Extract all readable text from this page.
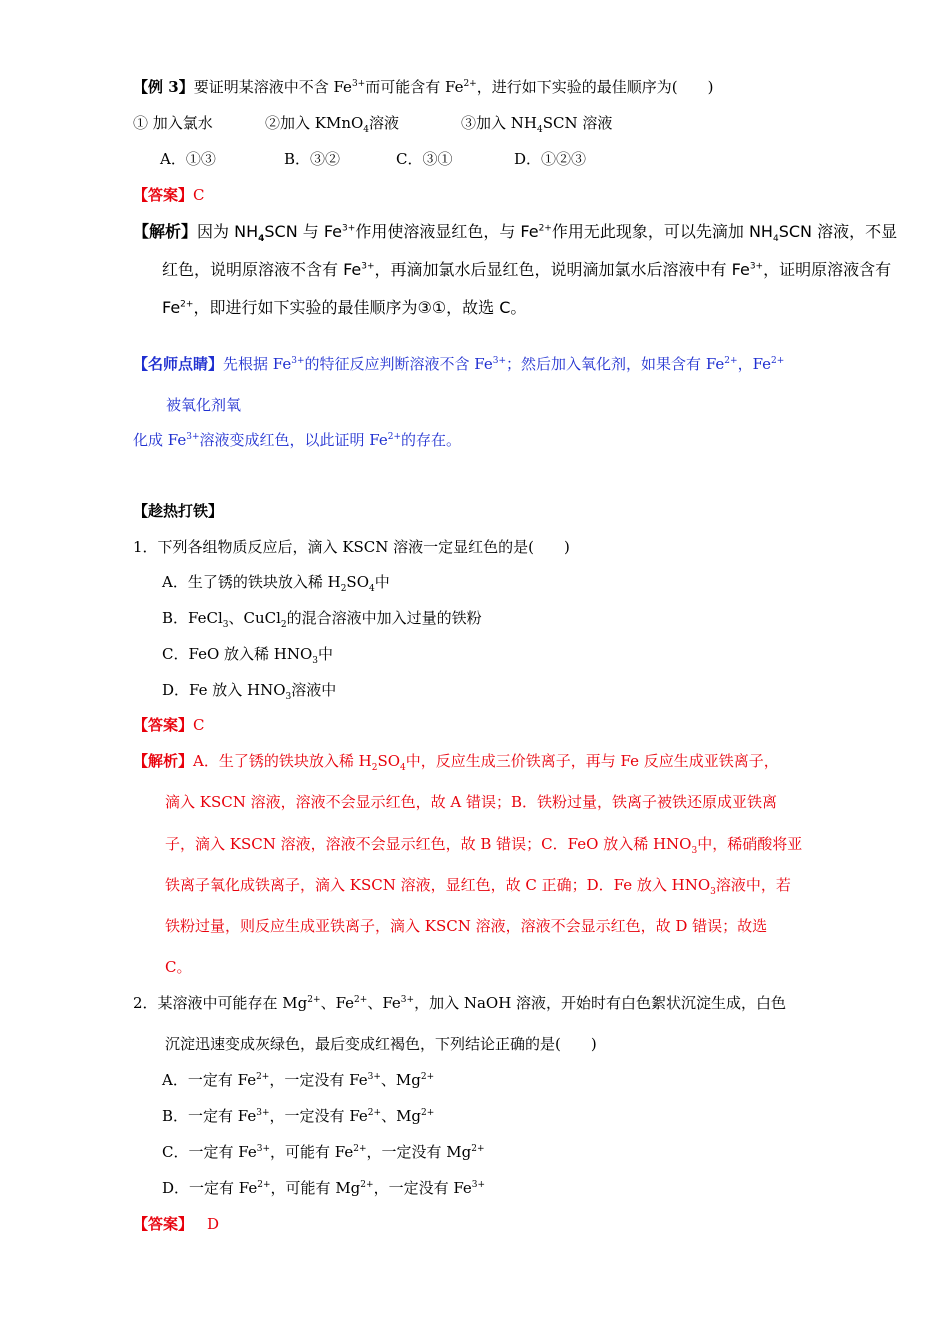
【例 3】要证明某溶液中不含 $Fe^{3+}$而可能含有 $Fe^{2+}$，进行如下实验的最佳顺序为(　　)
① 加入氯水	②加入 KMnO$_4$溶液	③加入 $NH_4SCN$ 溶液
A．①③	B．③②	C．③①	D．①②③
【答案】C
【解析】因为 $NH_4SCN$ 与 $Fe^{3+}$作用使溶液显红色，与 $Fe^{2+}$作用无此现象，可以先滴加 $NH_4SCN$ 溶液，不显
红色，说明原溶液不含有 $Fe^{3+}$，再滴加氯水后显红色，说明滴加氯水后溶液中有 $Fe^{3+}$，证明原溶液含有
$Fe^{2+}$，即进行如下实验的最佳顺序为③①，故选 C。
【名师点睛】先根据 $Fe^{3+}$的特征反应判断溶液不含 $Fe^{3+}$；然后加入氧化剂，如果含有 $Fe^{2+}$，$Fe^{2+}$
被氧化剂氧
化成 $Fe^{3+}$溶液变成红色，以此证明 $Fe^{2+}$的存在。
【趁热打铁】
1．下列各组物质反应后，滴入 KSCN 溶液一定显红色的是(　　)
A．生了锈的铁块放入稀 $H_2SO_4$中
B．FeCl$_3$、CuCl$_2$的混合溶液中加入过量的铁粉
C．FeO 放入稀 $HNO_3$中
D．Fe 放入 $HNO_3$溶液中
【答案】C
【解析】A．生了锈的铁块放入稀 $H_2SO_4$中，反应生成三价铁离子，再与 Fe 反应生成亚铁离子，
滴入 KSCN 溶液，溶液不会显示红色，故 A 错误；B．铁粉过量，铁离子被铁还原成亚铁离
子，滴入 KSCN 溶液，溶液不会显示红色，故 B 错误；C．FeO 放入稀 $HNO_3$中，稀硝酸将亚
铁离子氧化成铁离子，滴入 KSCN 溶液，显红色，故 C 正确；D．Fe 放入 $HNO_3$溶液中，若
铁粉过量，则反应生成亚铁离子，滴入 KSCN 溶液，溶液不会显示红色，故 D 错误；故选
C。
2．某溶液中可能存在 $Mg^{2+}$、$Fe^{2+}$、$Fe^{3+}$，加入 NaOH 溶液，开始时有白色絮状沉淀生成，白色
沉淀迅速变成灰绿色，最后变成红褐色，下列结论正确的是(　　)
A．一定有 $Fe^{2+}$，一定没有 $Fe^{3+}$、$Mg^{2+}$
B．一定有 $Fe^{3+}$，一定没有 $Fe^{2+}$、$Mg^{2+}$
C．一定有 $Fe^{3+}$，可能有 $Fe^{2+}$，一定没有 $Mg^{2+}$
D．一定有 $Fe^{2+}$，可能有 $Mg^{2+}$，一定没有 $Fe^{3+}$
【答案】 D
